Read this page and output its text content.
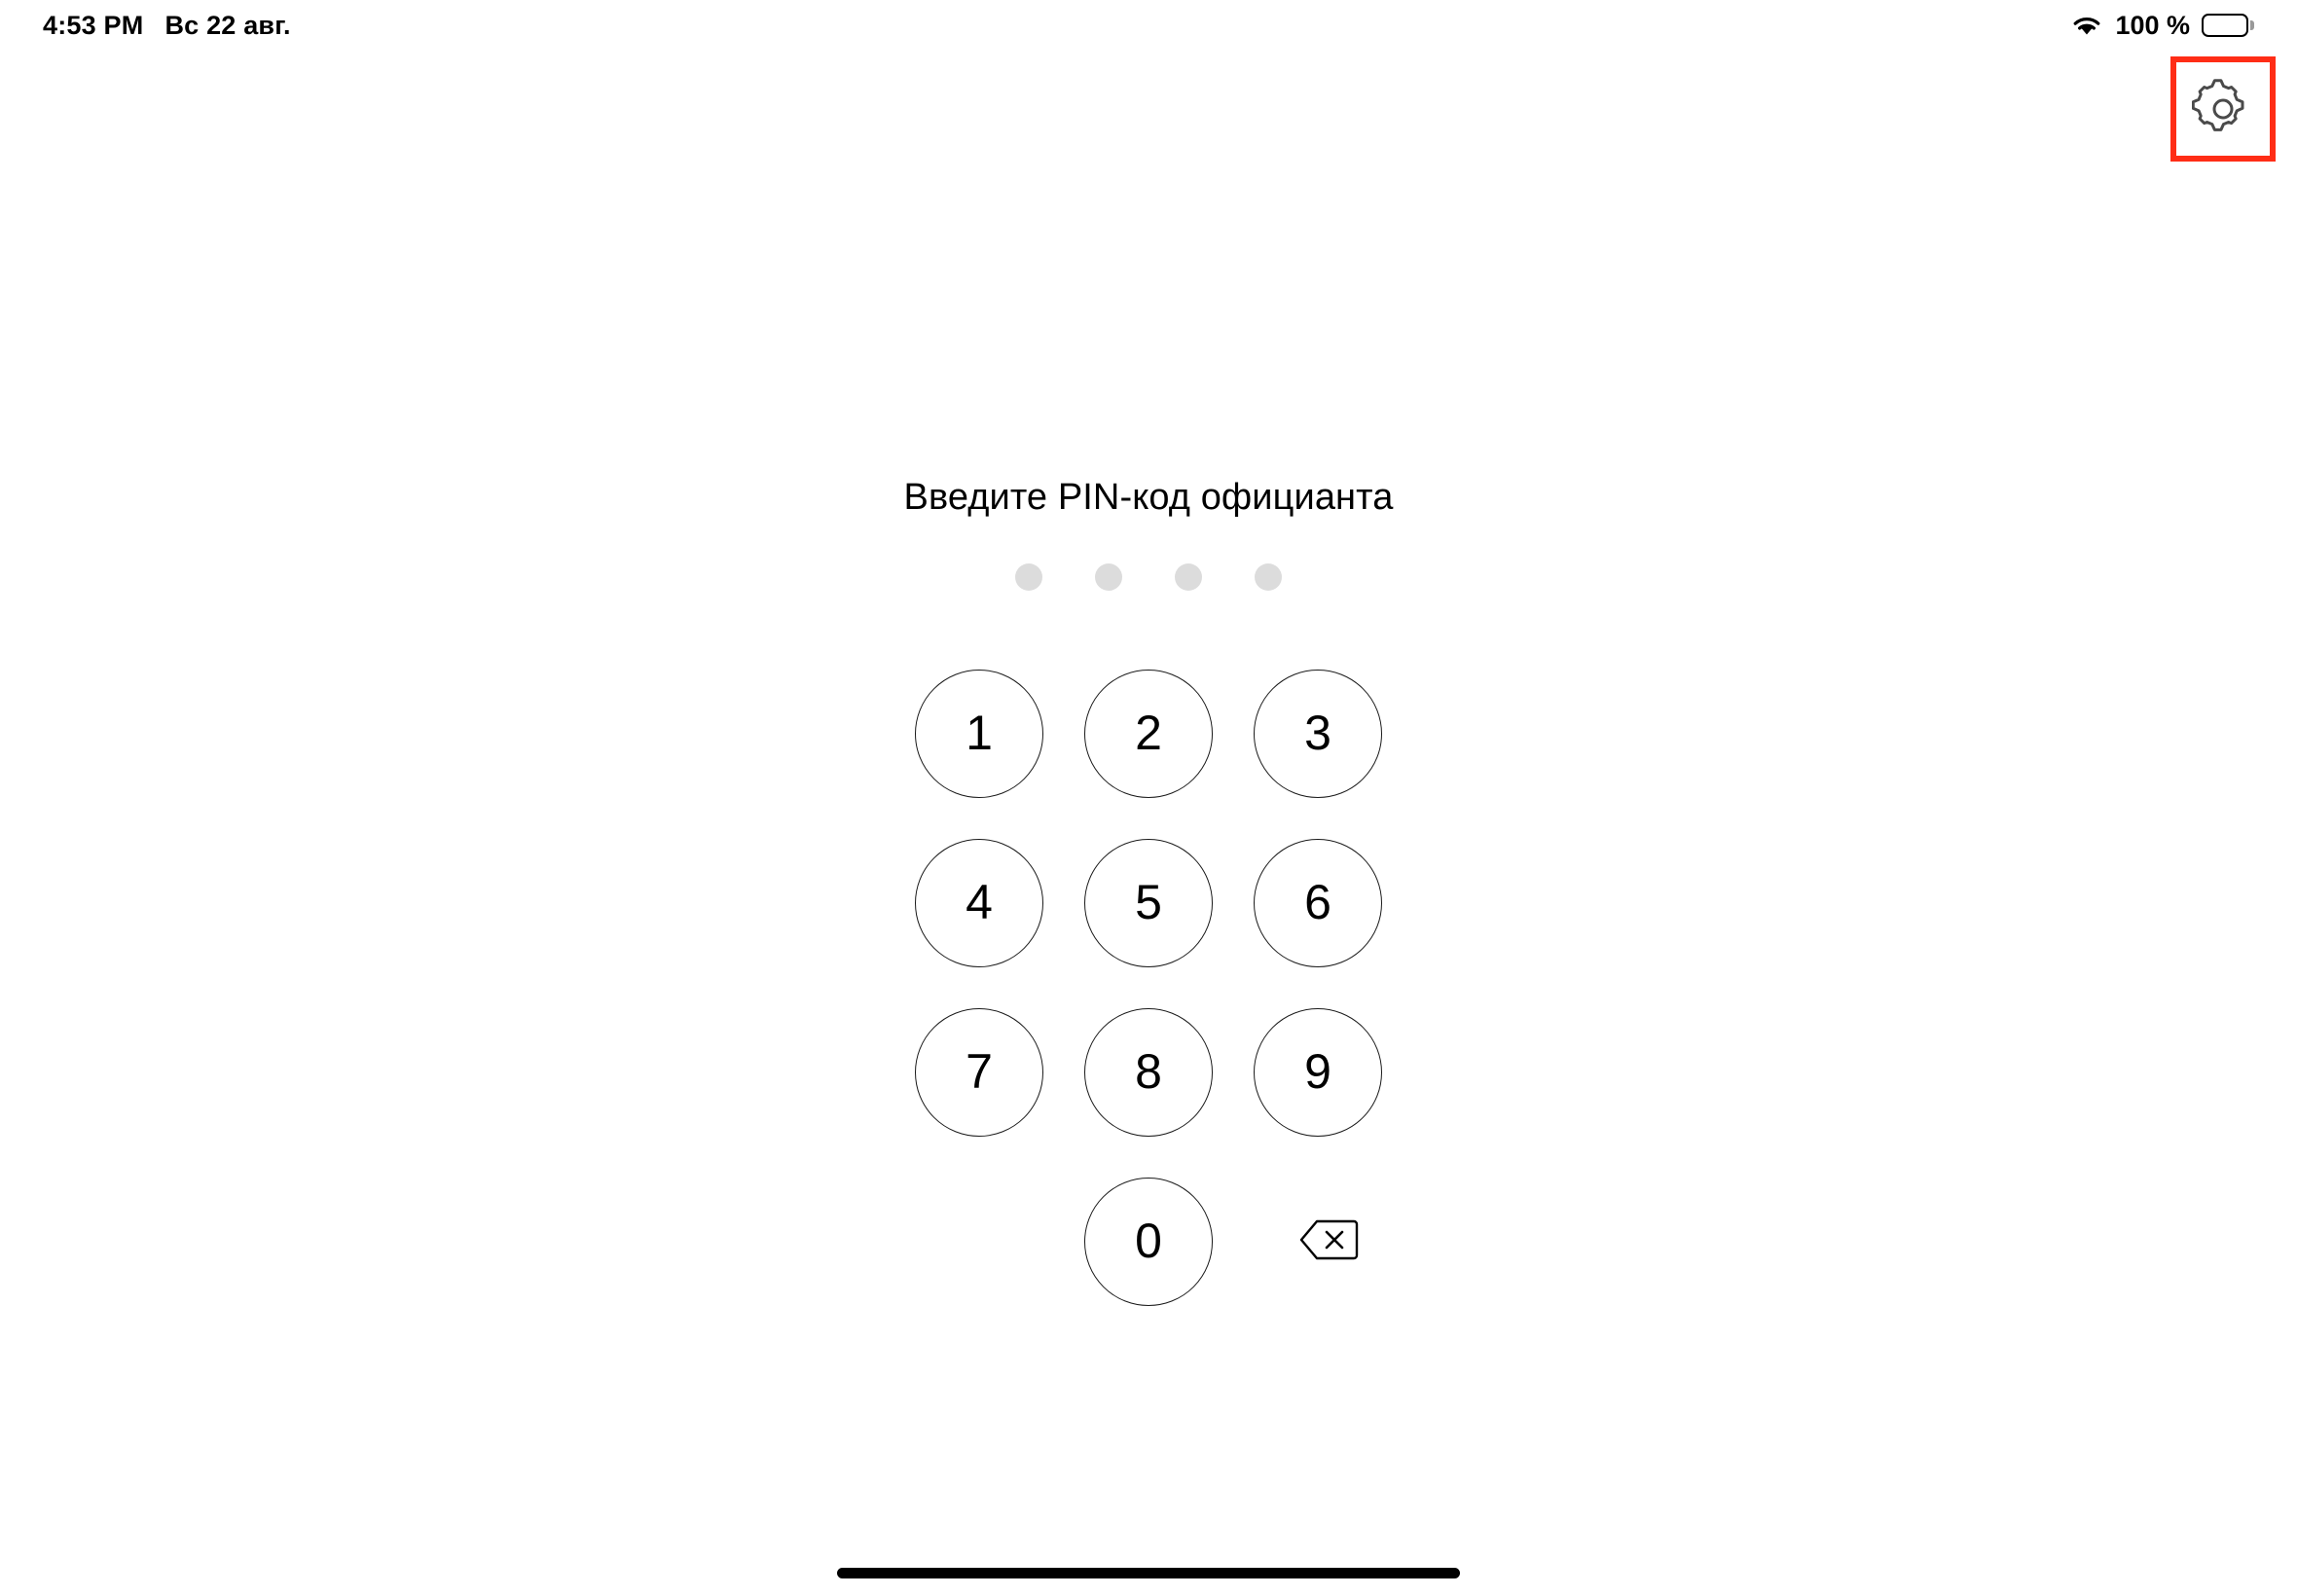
4:53 PM Вс 22 авг.	100 %
Введите PIN-код официанта
1	2	3
4	5	6
7	8	9
0
